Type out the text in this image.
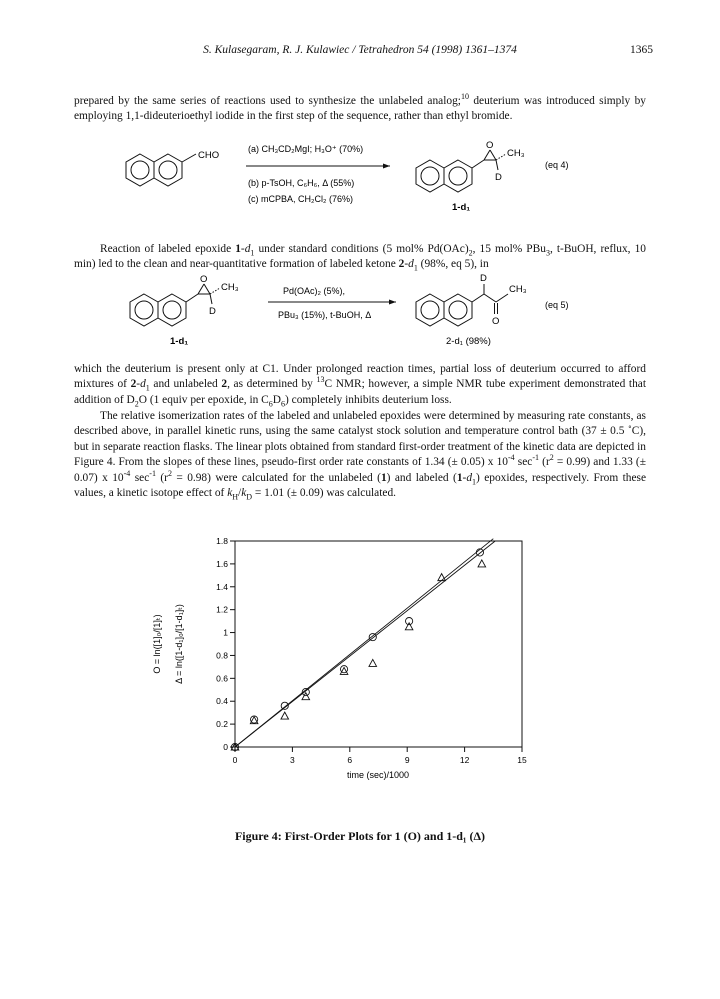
S. Kulasegaram, R. J. Kulawiec / Tetrahedron 54 (1998) 1361–1374	1365

prepared by the same series of reactions used to synthesize the unlabeled analog;$^{10}$ deuterium was introduced simply by employing 1,1-dideuterioethyl iodide in the first step of the sequence, rather than ethyl bromide.

CHO
(a) CH₃CD₂MgI; H₃O⁺ (70%)
(b) p-TsOH, C₆H₆, Δ (55%)
(c) mCPBA, CH₂Cl₂ (76%)
O
CH₃
D
1-d₁
(eq 4)

Reaction of labeled epoxide $1-d_1$ under standard conditions (5 mol% $Pd(OAc)_2$, 15 mol% PBu$_3$, t-BuOH, reflux, 10 min) led to the clean and near-quantitative formation of labeled ketone $2-d_1$ (98%, eq 5), in

O
CH₃
D
1-d₁
Pd(OAc)₂ (5%),
PBu₃ (15%), t-BuOH, Δ
D
CH₃
O
2-d₁ (98%)
(eq 5)

which the deuterium is present only at C1. Under prolonged reaction times, partial loss of deuterium occurred to afford mixtures of $2-d_1$ and unlabeled 2, as determined by $^{13}$C NMR; however, a simple NMR tube experiment demonstrated that addition of $D_2O$ (1 equiv per epoxide, in $C_6D_6$) completely inhibits deuterium loss.

The relative isomerization rates of the labeled and unlabeled epoxides were determined by measuring rate constants, as described above, in parallel kinetic runs, using the same catalyst stock solution and temperature control bath (37 ± 0.5 ˚C), but in separate reaction flasks. The linear plots obtained from standard first-order treatment of the kinetic data are depicted in Figure 4. From the slopes of these lines, pseudo-first order rate constants of 1.34 (± 0.05) x $10^{-4}$ $\sec^{-1} (r^2 = 0.99)$ and 1.33 (± 0.07) x $10^{-4}$ $\sec^{-1} (r^2 = 0.98)$ were calculated for the unlabeled (1) and labeled $(1-d_1)$ epoxides, respectively. From these values, a kinetic isotope effect of $k_H/k_D = 1.01$ (± 0.09) was calculated.

0	3	6	9	12	15
0
0.2
0.4
0.6
0.8
1
1.2
1.4
1.6
1.8
time (sec)/1000
O = ln([1]₀/[1]ₜ) Δ = ln([1-d₁]₀/[1-d₁]ₜ)
Figure 4: First-Order Plots for 1 (O) and 1-d₁ (Δ)
